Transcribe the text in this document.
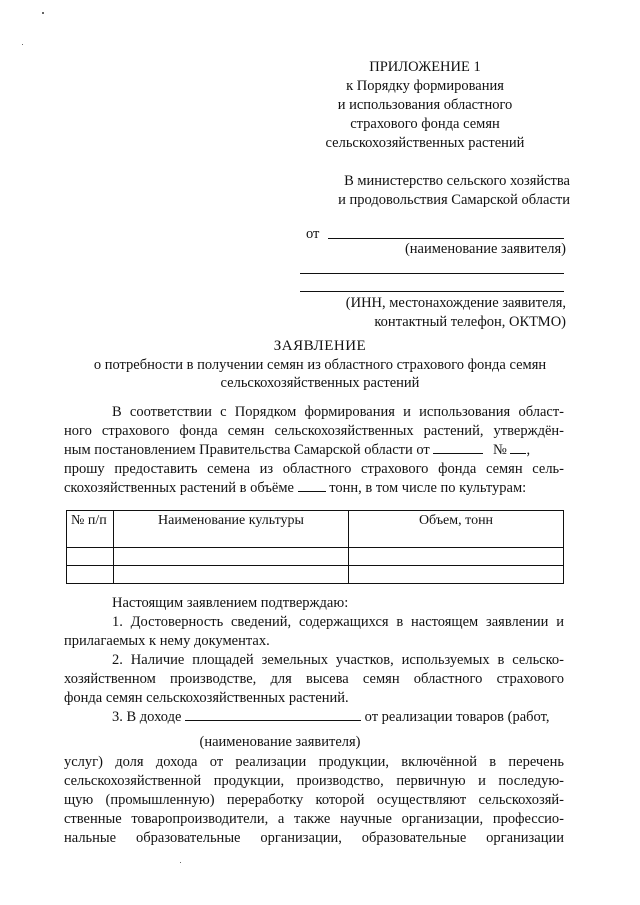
ПРИЛОЖЕНИЕ 1
к Порядку формирования
и использования областного
страхового фонда семян
сельскохозяйственных растений
В министерство сельского хозяйства
и продовольствия Самарской области
от
(наименование заявителя)
(ИНН, местонахождение заявителя,
контактный телефон, ОКТМО)
ЗАЯВЛЕНИЕ
о потребности в получении семян из областного страхового фонда семян
сельскохозяйственных растений
В соответствии с Порядком формирования и использования област-
ного страхового фонда семян сельскохозяйственных растений, утверждён-
ным постановлением Правительства Самарской области от	№ ,
прошу предоставить семена из областного страхового фонда семян сель-
скохозяйственных растений в объёме тонн, в том числе по культурам:
№ п/п	Наименование культуры	Объем, тонн

Настоящим заявлением подтверждаю:
1. Достоверность сведений, содержащихся в настоящем заявлении и
прилагаемых к нему документах.
2. Наличие площадей земельных участков, используемых в сельско-
хозяйственном производстве, для высева семян областного страхового
фонда семян сельскохозяйственных растений.
3. В доходе	от реализации товаров (работ,
(наименование заявителя)
услуг) доля дохода от реализации продукции, включённой в перечень
сельскохозяйственной продукции, производство, первичную и последую-
щую (промышленную) переработку которой осуществляют сельскохозяй-
ственные товаропроизводители, а также научные организации, профессио-
нальные образовательные организации, образовательные организации
